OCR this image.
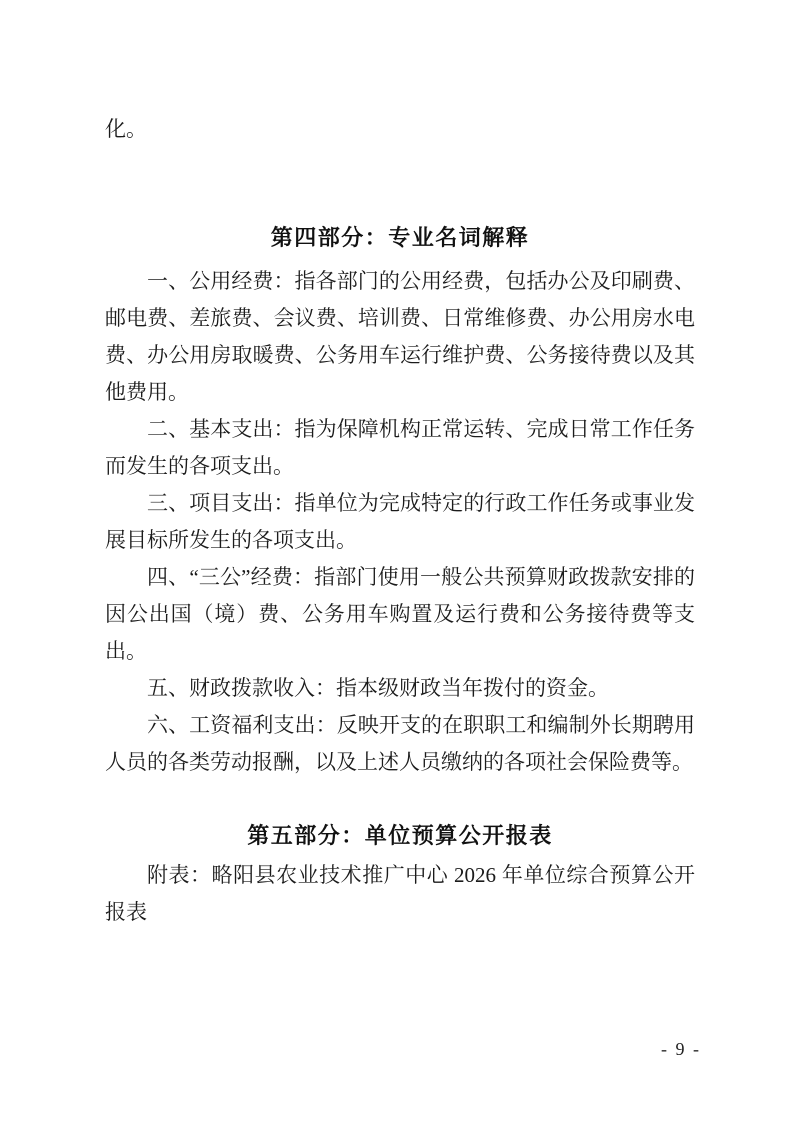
化。
第四部分：专业名词解释

一、公用经费：指各部门的公用经费，包括办公及印刷费、邮电费、差旅费、会议费、培训费、日常维修费、办公用房水电费、办公用房取暖费、公务用车运行维护费、公务接待费以及其他费用。

二、基本支出：指为保障机构正常运转、完成日常工作任务而发生的各项支出。

三、项目支出：指单位为完成特定的行政工作任务或事业发展目标所发生的各项支出。

四、“三公”经费：指部门使用一般公共预算财政拨款安排的因公出国（境）费、公务用车购置及运行费和公务接待费等支出。

五、财政拨款收入：指本级财政当年拨付的资金。

六、工资福利支出：反映开支的在职职工和编制外长期聘用人员的各类劳动报酬，以及上述人员缴纳的各项社会保险费等。

第五部分：单位预算公开报表

附表：略阳县农业技术推广中心 2026 年单位综合预算公开报表

- 9 -
